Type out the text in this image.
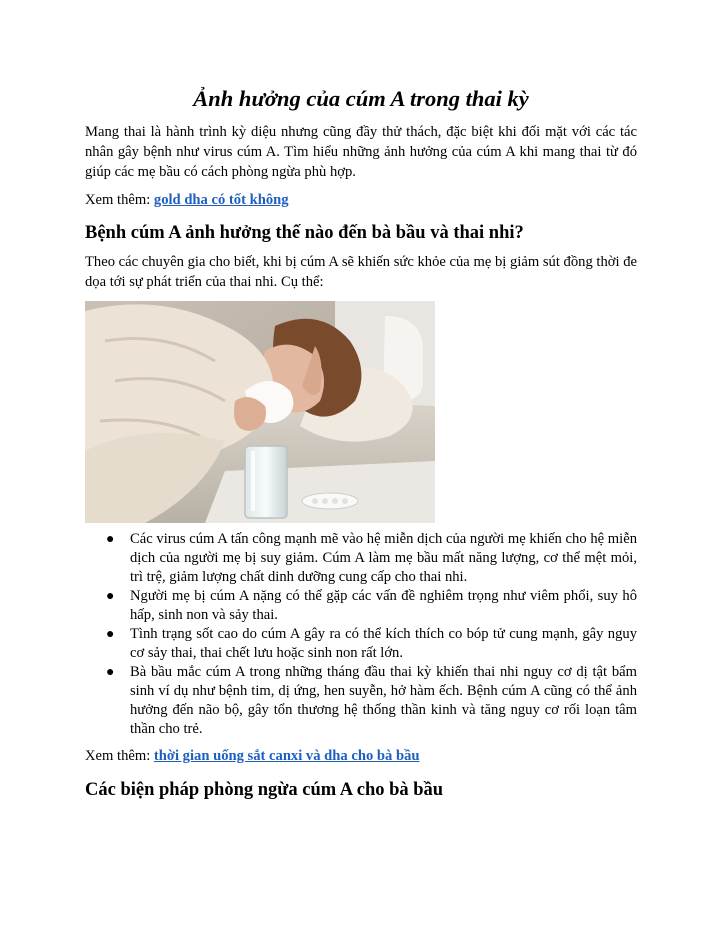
Ảnh hưởng của cúm A trong thai kỳ

Mang thai là hành trình kỳ diệu nhưng cũng đầy thử thách, đặc biệt khi đối mặt với các tác nhân gây bệnh như virus cúm A. Tìm hiểu những ảnh hưởng của cúm A khi mang thai từ đó giúp các mẹ bầu có cách phòng ngừa phù hợp.

Xem thêm: gold dha có tốt không

Bệnh cúm A ảnh hưởng thế nào đến bà bầu và thai nhi?

Theo các chuyên gia cho biết, khi bị cúm A sẽ khiến sức khỏe của mẹ bị giảm sút đồng thời đe dọa tới sự phát triển của thai nhi. Cụ thể:

● Các virus cúm A tấn công mạnh mẽ vào hệ miễn dịch của người mẹ khiến cho hệ miễn dịch của người mẹ bị suy giảm. Cúm A làm mẹ bầu mất năng lượng, cơ thể mệt mỏi, trì trệ, giảm lượng chất dinh dưỡng cung cấp cho thai nhi.
● Người mẹ bị cúm A nặng có thể gặp các vấn đề nghiêm trọng như viêm phổi, suy hô hấp, sinh non và sảy thai.
● Tình trạng sốt cao do cúm A gây ra có thể kích thích co bóp tử cung mạnh, gây nguy cơ sảy thai, thai chết lưu hoặc sinh non rất lớn.
● Bà bầu mắc cúm A trong những tháng đầu thai kỳ khiến thai nhi nguy cơ dị tật bẩm sinh ví dụ như bệnh tim, dị ứng, hen suyễn, hở hàm ếch. Bệnh cúm A cũng có thể ảnh hưởng đến não bộ, gây tổn thương hệ thống thần kinh và tăng nguy cơ rối loạn tâm thần cho trẻ.

Xem thêm: thời gian uống sắt canxi và dha cho bà bầu

Các biện pháp phòng ngừa cúm A cho bà bầu
